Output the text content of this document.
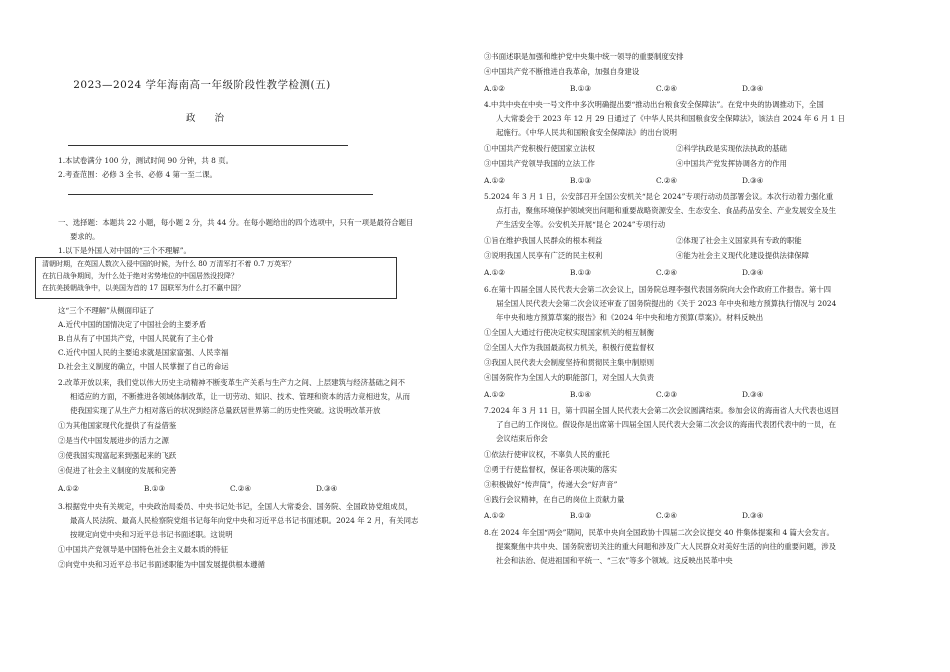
2023—2024 学年海南高一年级阶段性教学检测(五)
政 治
1.本试卷满分 100 分，测试时间 90 分钟，共 8 页。
2.考查范围：必修 3 全书、必修 4 第一至二课。
一、选择题：本题共 22 小题，每小题 2 分，共 44 分。在每小题给出的四个选项中，只有一项是最符合题目
要求的。
1.以下是外国人对中国的“三个不理解”。
清朝时期，在英国人数次入侵中国的时候，为什么 80 万清军打不着 0.7 万英军？
在抗日战争期间，为什么处于绝对劣势地位的中国居然没投降？
在抗美援朝战争中，以美国为首的 17 国联军为什么打不赢中国？
这“三个不理解”从侧面印证了
A.近代中国的国情决定了中国社会的主要矛盾
B.自从有了中国共产党，中国人民就有了主心骨
C.近代中国人民的主要追求就是国家富强、人民幸福
D.社会主义制度的确立，中国人民掌握了自己的命运
2.改革开放以来，我们党以伟大历史主动精神不断变革生产关系与生产力之间、上层建筑与经济基础之间不
相适应的方面，不断推进各领域体制改革，让一切劳动、知识、技术、管理和资本的活力竞相迸发，从而
使我国实现了从生产力相对落后的状况到经济总量跃居世界第二的历史性突破。这说明改革开放
①为其他国家现代化提供了有益借鉴
②是当代中国发展进步的活力之源
③使我国实现富起来到强起来的飞跃
④促进了社会主义制度的发展和完善
A.①②	B.①③	C.②④	D.③④
3.根据党中央有关规定，中央政治局委员、中央书记处书记，全国人大常委会、国务院、全国政协党组成员，
最高人民法院、最高人民检察院党组书记每年向党中央和习近平总书记书面述职。2024 年 2 月，有关同志
按规定向党中央和习近平总书记书面述职。这说明
①中国共产党领导是中国特色社会主义最本质的特征
②向党中央和习近平总书记书面述职能为中国发展提供根本遵循
③书面述职是加强和维护党中央集中统一领导的重要制度安排
④中国共产党不断推进自我革命，加强自身建设
A.①②	B.①③	C.②④	D.③④
4.中共中央在中央一号文件中多次明确提出要“推动出台粮食安全保障法”。在党中央的协调推动下，全国
人大常委会于 2023 年 12 月 29 日通过了《中华人民共和国粮食安全保障法》，该法自 2024 年 6 月 1 日
起施行。《中华人民共和国粮食安全保障法》的出台说明
①中国共产党积极行使国家立法权	②科学执政是实现依法执政的基础
③中国共产党领导我国的立法工作	④中国共产党发挥协调各方的作用
A.①②	B.①③	C.②④	D.③④
5.2024 年 3 月 1 日，公安部召开全国公安机关“昆仑 2024”专项行动动员部署会议。本次行动着力强化重
点打击，聚焦环境保护领域突出问题和重要战略资源安全、生态安全、食品药品安全、产业发展安全及生
产生活安全等。公安机关开展“昆仑 2024”专项行动
①旨在维护我国人民群众的根本利益	②体现了社会主义国家具有专政的职能
③说明我国人民享有广泛的民主权利	④能为社会主义现代化建设提供法律保障
A.①②	B.①③	C.②④	D.③④
6.在第十四届全国人民代表大会第二次会议上，国务院总理李强代表国务院向大会作政府工作报告。第十四
届全国人民代表大会第二次会议还审查了国务院提出的《关于 2023 年中央和地方预算执行情况与 2024
年中央和地方预算草案的报告》和《2024 年中央和地方预算(草案)》。材料反映出
①全国人大通过行使决定权实现国家机关的相互制衡
②全国人大作为我国最高权力机关，积极行使监督权
③我国人民代表大会制度坚持和贯彻民主集中制原则
④国务院作为全国人大的职能部门，对全国人大负责
A.①②	B.①④	C.②③	D.③④
7.2024 年 3 月 11 日，第十四届全国人民代表大会第二次会议圆满结束。参加会议的海南省人大代表也返回
了自己的工作岗位。假设你是出席第十四届全国人民代表大会第二次会议的海南代表团代表中的一员，在
会议结束后你会
①依法行使审议权，不辜负人民的重托
②勇于行使监督权，保证各项决策的落实
③积极做好“传声筒”，传递大会“好声音”
④践行会议精神，在自己的岗位上贡献力量
A.①②	B.①③	C.②④	D.③④
8.在 2024 年全国“两会”期间，民革中央向全国政协十四届二次会议提交 40 件集体提案和 4 篇大会发言。
提案聚焦中共中央、国务院密切关注的重大问题和涉及广大人民群众对美好生活的向往的重要问题，涉及
社会和法治、促进祖国和平统一、“三农”等多个领域。这反映出民革中央
